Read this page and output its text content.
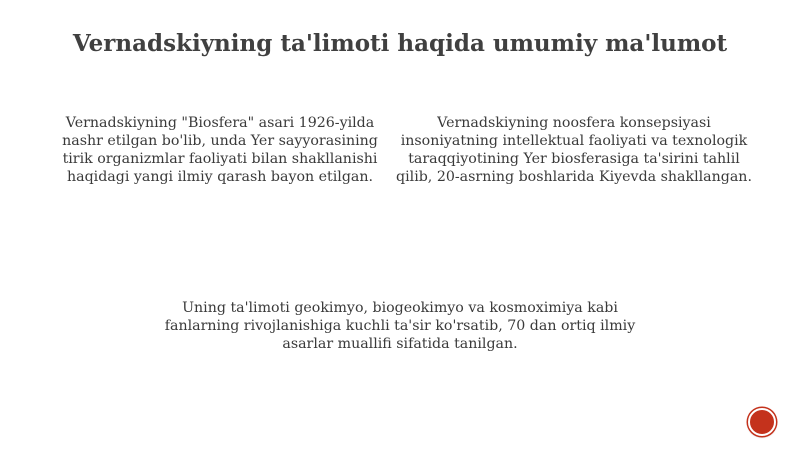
Vernadskiyning ta'limoti haqida umumiy ma'lumot
Vernadskiyning "Biosfera" asari 1926-yilda nashr etilgan bo'lib, unda Yer sayyorasining tirik organizmlar faoliyati bilan shakllanishi haqidagi yangi ilmiy qarash bayon etilgan.
Vernadskiyning noosfera konsepsiyasi insoniyatning intellektual faoliyati va texnologik taraqqiyotining Yer biosferasiga ta'sirini tahlil qilib, 20-asrning boshlarida Kiyevda shakllangan.
Uning ta'limoti geokimyo, biogeokimyo va kosmoximiya kabi fanlarning rivojlanishiga kuchli ta'sir ko'rsatib, 70 dan ortiq ilmiy asarlar muallifi sifatida tanilgan.
